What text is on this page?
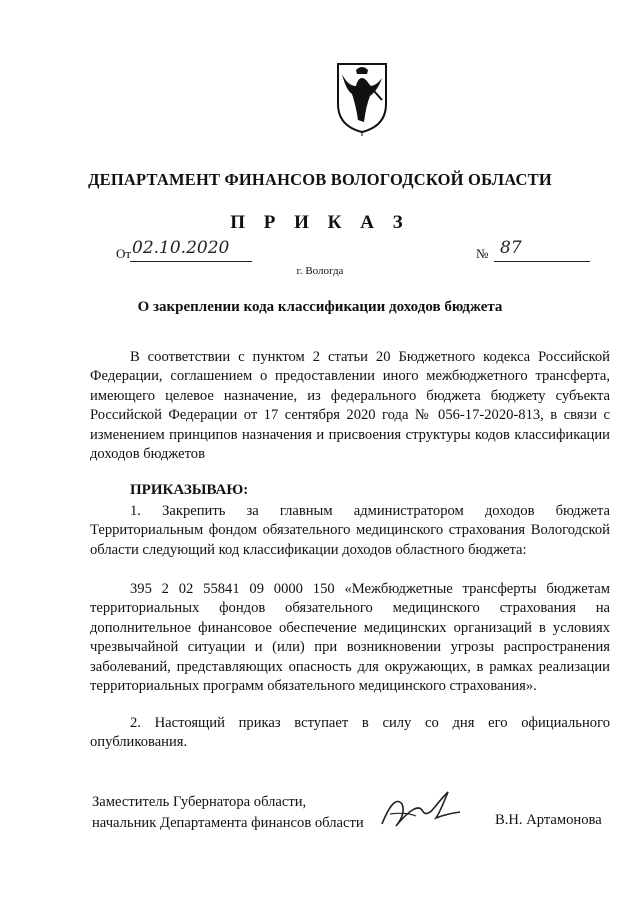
ДЕПАРТАМЕНТ ФИНАНСОВ ВОЛОГОДСКОЙ ОБЛАСТИ
П Р И К А З
От 02.10.2020	№ 87
г. Вологда
О закреплении кода классификации доходов бюджета
В соответствии с пунктом 2 статьи 20 Бюджетного кодекса Российской Федерации, соглашением о предоставлении иного межбюджетного трансферта, имеющего целевое назначение, из федерального бюджета бюджету субъекта Российской Федерации от 17 сентября 2020 года № 056-17-2020-813, в связи с изменением принципов назначения и присвоения структуры кодов классификации доходов бюджетов
ПРИКАЗЫВАЮ:
1. Закрепить за главным администратором доходов бюджета Территориальным фондом обязательного медицинского страхования Вологодской области следующий код классификации доходов областного бюджета:
395 2 02 55841 09 0000 150 «Межбюджетные трансферты бюджетам территориальных фондов обязательного медицинского страхования на дополнительное финансовое обеспечение медицинских организаций в условиях чрезвычайной ситуации и (или) при возникновении угрозы распространения заболеваний, представляющих опасность для окружающих, в рамках реализации территориальных программ обязательного медицинского страхования».
2. Настоящий приказ вступает в силу со дня его официального опубликования.
Заместитель Губернатора области,
начальник Департамента финансов области	В.Н. Артамонова
